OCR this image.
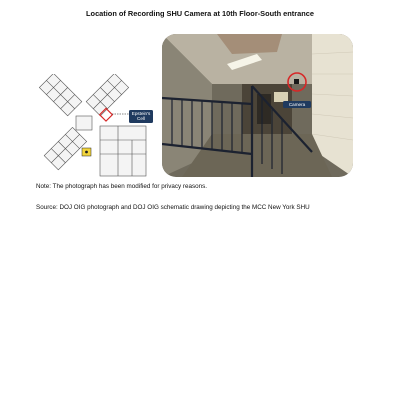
Location of Recording SHU Camera at 10th Floor-South entrance
Epstein's
Cell
Camera
Note: The photograph has been modified for privacy reasons.
Source: DOJ OIG photograph and DOJ OIG schematic drawing depicting the MCC New York SHU
